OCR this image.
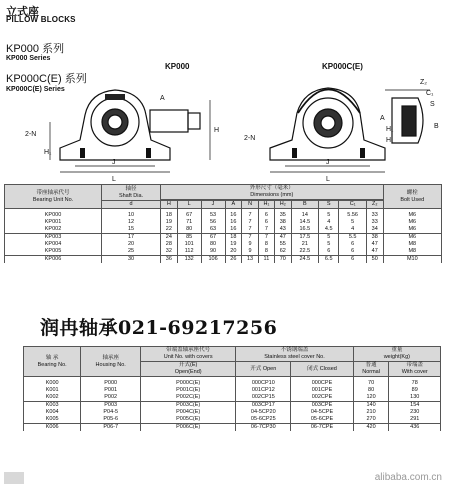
立式座
PILLOW BLOCKS
KP000 系列
KP000 Series
KP000C(E) 系列
KP000C(E) Series
KP000	KP000C(E)
2-N
H₁
H
J
L
A
Z₂
C₁
S
B
H₁
H
A
2-N
J
L
带座轴承代号
Bearing Unit No.	轴径
Shaft Dia.	外形尺寸（毫米）
Dimensions (mm)											螺栓
Bolt Used

	d	H	L	J	A	N	H₁	H₂	B	S	C₁	Z₂	
KP000	10	18	67	53	16	7	6	35	14	5	5.56	33	M6
KP001	12	19	71	56	16	7	6	38	14.5	4	5	33	M6
KP002	15	22	80	63	16	7	7	43	16.5	4.5	4	34	M6
KP003	17	24	85	67	18	7	7	47	17.5	5	5.5	38	M6
KP004	20	28	101	80	19	9	8	55	21	5	6	47	M8
KP005	25	32	112	90	20	9	8	62	22.5	6	6	47	M8
KP006	30	36	132	106	26	13	11	70	24.5	6.5	6	50	M10
润冉轴承021-69217256
轴 承
Bearing No.	轴承座
Housing No.	带端盖轴承座代号
Unit No. with covers	不锈钢端盖
Stainless steel cover No.		重量
weight(Kg)	
		开式(E)
Open(End)	开式 Open	闭式 Closed	普通
Normal	带端盖
With cover
K000	P000	P000C(E)	000CP10	000CPE	70	78
K001	P001	P001C(E)	001CP12	001CPE	80	89
K002	P002	P002C(E)	002CP15	002CPE	120	130
K003	P003	P003C(E)	003CP17	003CPE	140	154
K004	P04-5	P004C(E)	04-5CP20	04-5CPE	210	230
K005	P05-6	P005C(E)	05-6CP25	05-6CPE	270	291
K006	P06-7	P006C(E)	06-7CP30	06-7CPE	420	436
alibaba.com.cn
